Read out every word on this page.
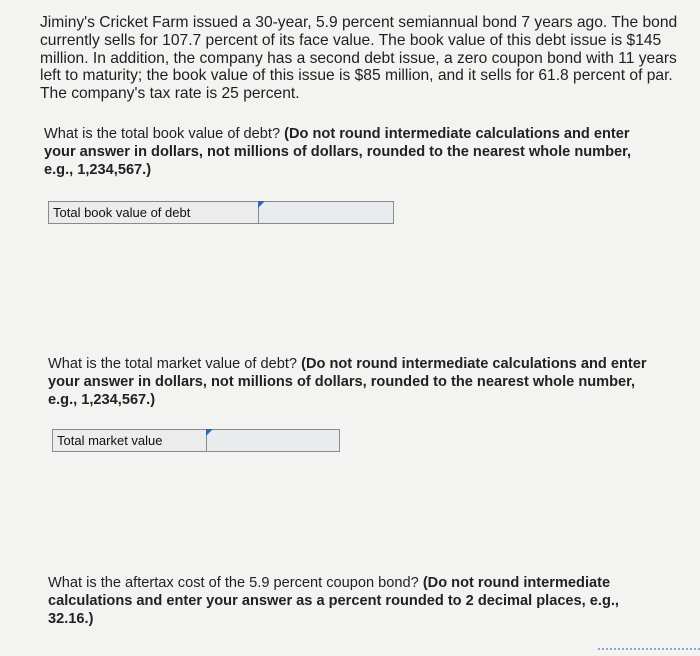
Jiminy's Cricket Farm issued a 30-year, 5.9 percent semiannual bond 7 years ago. The bond currently sells for 107.7 percent of its face value. The book value of this debt issue is $145 million. In addition, the company has a second debt issue, a zero coupon bond with 11 years left to maturity; the book value of this issue is $85 million, and it sells for 61.8 percent of par. The company's tax rate is 25 percent.

What is the total book value of debt? (Do not round intermediate calculations and enter your answer in dollars, not millions of dollars, rounded to the nearest whole number, e.g., 1,234,567.)

Total book value of debt

What is the total market value of debt? (Do not round intermediate calculations and enter your answer in dollars, not millions of dollars, rounded to the nearest whole number, e.g., 1,234,567.)

Total market value

What is the aftertax cost of the 5.9 percent coupon bond? (Do not round intermediate calculations and enter your answer as a percent rounded to 2 decimal places, e.g., 32.16.)
